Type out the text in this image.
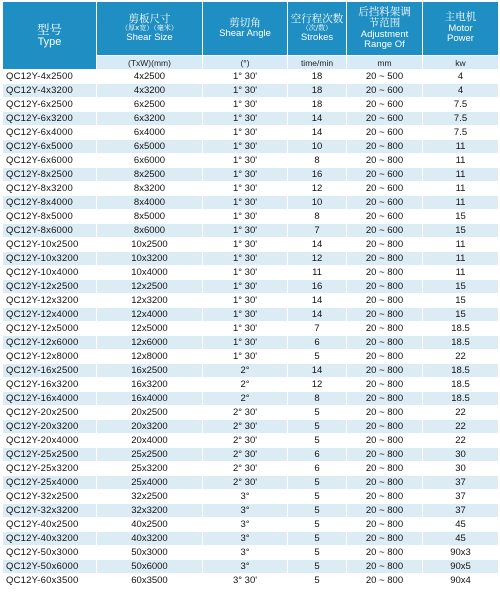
型号
Type	剪板尺寸
（厚x宽）（毫米）
Shear Size	剪切角
Shear Angle	空行程次数
（次/数）
Strokes	后挡料架调
节范围
Adjustment
Range Of	主电机
Motor
Power

	(TxW)(mm)	(°)	time/min	mm	kw
QC12Y-4x2500	4x2500	1° 30'	18	20 ~ 500	4
QC12Y-4x3200	4x3200	1° 30'	18	20 ~ 600	4
QC12Y-6x2500	6x2500	1° 30'	18	20 ~ 600	7.5
QC12Y-6x3200	6x3200	1° 30'	14	20 ~ 600	7.5
QC12Y-6x4000	6x4000	1° 30'	14	20 ~ 600	7.5
QC12Y-6x5000	6x5000	1° 30'	10	20 ~ 800	11
QC12Y-6x6000	6x6000	1° 30'	8	20 ~ 800	11
QC12Y-8x2500	8x2500	1° 30'	16	20 ~ 600	11
QC12Y-8x3200	8x3200	1° 30'	12	20 ~ 600	11
QC12Y-8x4000	8x4000	1° 30'	10	20 ~ 600	11
QC12Y-8x5000	8x5000	1° 30'	8	20 ~ 600	15
QC12Y-8x6000	8x6000	1° 30'	7	20 ~ 600	15
QC12Y-10x2500	10x2500	1° 30'	14	20 ~ 800	11
QC12Y-10x3200	10x3200	1° 30'	12	20 ~ 800	11
QC12Y-10x4000	10x4000	1° 30'	11	20 ~ 800	11
QC12Y-12x2500	12x2500	1° 30'	16	20 ~ 800	15
QC12Y-12x3200	12x3200	1° 30'	14	20 ~ 800	15
QC12Y-12x4000	12x4000	1° 30'	14	20 ~ 800	15
QC12Y-12x5000	12x5000	1° 30'	7	20 ~ 800	18.5
QC12Y-12x6000	12x6000	1° 30'	6	20 ~ 800	18.5
QC12Y-12x8000	12x8000	1° 30'	5	20 ~ 800	22
QC12Y-16x2500	16x2500	2°	14	20 ~ 800	18.5
QC12Y-16x3200	16x3200	2°	12	20 ~ 800	18.5
QC12Y-16x4000	16x4000	2°	8	20 ~ 800	18.5
QC12Y-20x2500	20x2500	2° 30'	5	20 ~ 800	22
QC12Y-20x3200	20x3200	2° 30'	5	20 ~ 800	22
QC12Y-20x4000	20x4000	2° 30'	5	20 ~ 800	22
QC12Y-25x2500	25x2500	2° 30'	6	20 ~ 800	30
QC12Y-25x3200	25x3200	2° 30'	6	20 ~ 800	30
QC12Y-25x4000	25x4000	2° 30'	5	20 ~ 800	37
QC12Y-32x2500	32x2500	3°	5	20 ~ 800	37
QC12Y-32x3200	32x3200	3°	5	20 ~ 800	37
QC12Y-40x2500	40x2500	3°	5	20 ~ 800	45
QC12Y-40x3200	40x3200	3°	5	20 ~ 800	45
QC12Y-50x3000	50x3000	3°	5	20 ~ 800	90x3
QC12Y-50x6000	50x6000	3°	5	20 ~ 800	90x5
QC12Y-60x3500	60x3500	3° 30'	5	20 ~ 800	90x4
